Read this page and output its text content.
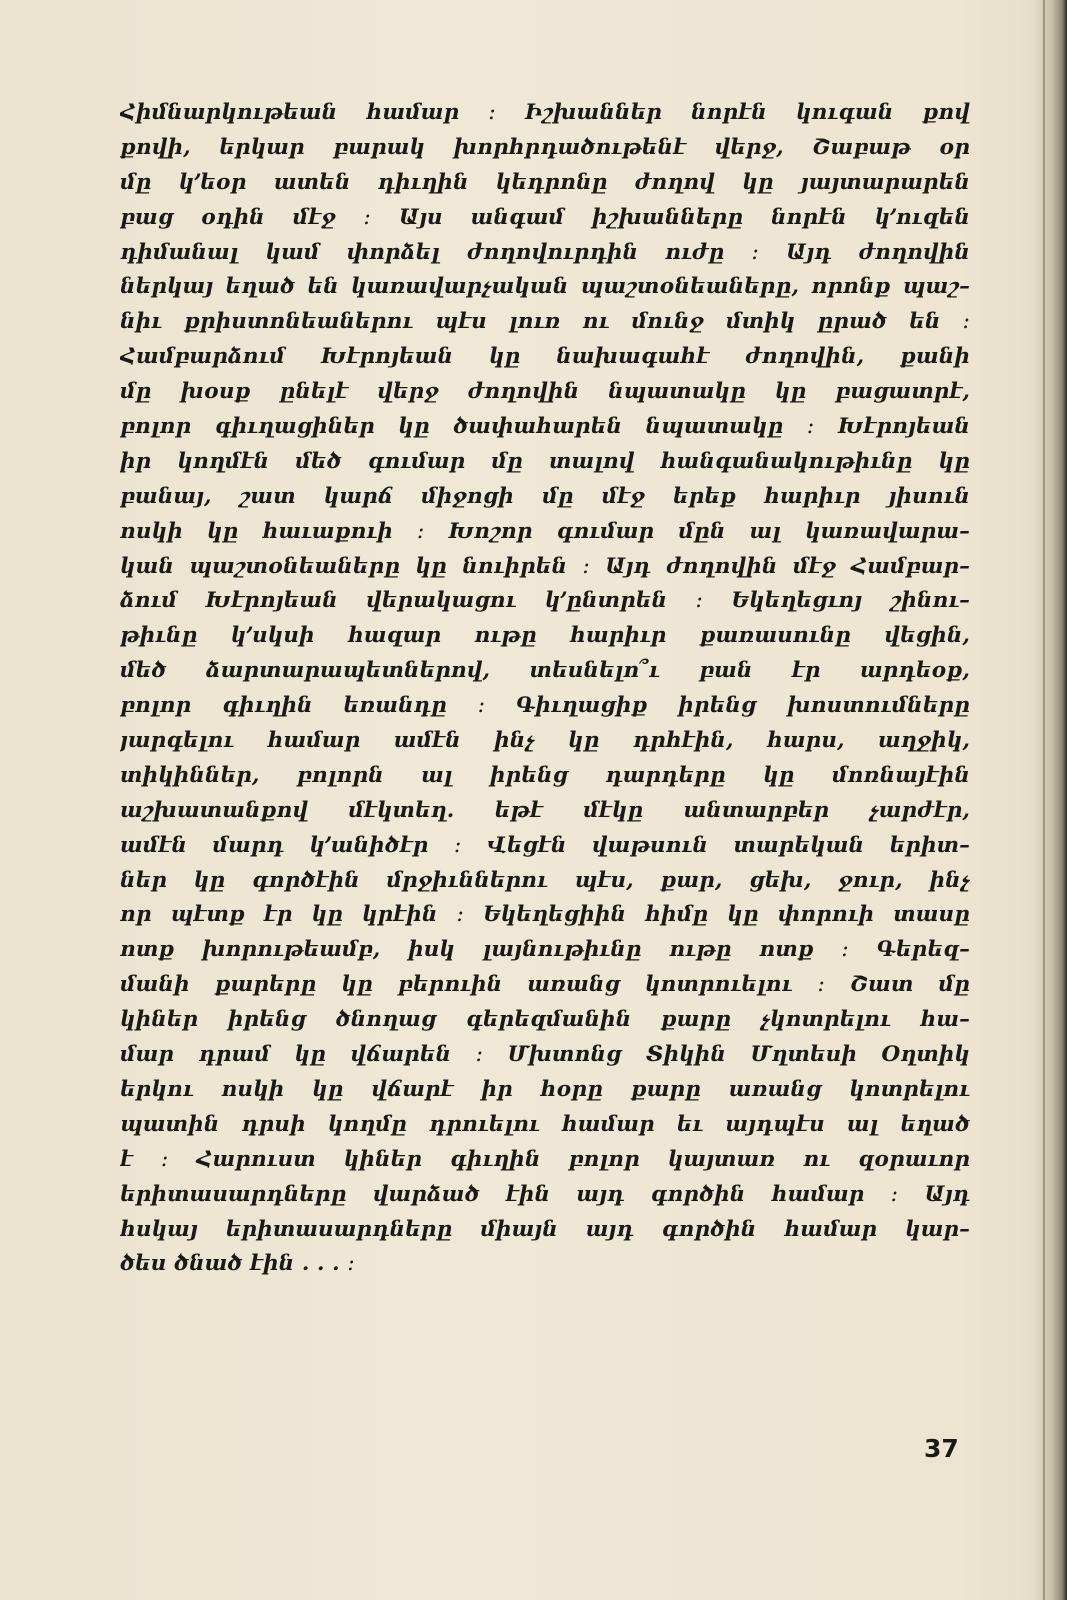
Հիմնարկութեան համար ։ Իշխաններ նորէն կուգան քով
քովի, երկար բարակ խորհրդածութենէ վերջ, Շաբաթ օր
մը կ՚եօր ատեն դիւղին կեդրոնը ժողով կը յայտարարեն
բաց օդին մէջ ։ Այս անգամ իշխանները նորէն կ՚ուզեն
դիմանալ կամ փորձել ժողովուրդին ուժը ։ Այդ ժողովին
ներկայ եղած են կառավարչական պաշտօնեաները, որոնք պաշ–
նիւ քրիստոնեաներու պէս լուռ ու մունջ մտիկ ըրած են ։
Համբարձում Խէրոյեան կը նախագահէ ժողովին, քանի
մը խօսք ընելէ վերջ ժողովին նպատակը կը բացատրէ,
բոլոր գիւղացիներ կը ծափահարեն նպատակը ։ Խէրոյեան
իր կողմէն մեծ գումար մը տալով հանգանակութիւնը կը
բանայ, շատ կարճ միջոցի մը մէջ երեք հարիւր յիսուն
ոսկի կը հաւաքուի ։ Խոշոր գումար մըն ալ կառավարա–
կան պաշտօնեաները կը նուիրեն ։ Այդ ժողովին մէջ Համբար–
ձում Խէրոյեան վերակացու կ՚ընտրեն ։ Եկեղեցւոյ շինու–
թիւնը կ՚սկսի հազար ութը հարիւր քառասունը վեցին,
մեծ ձարտարապետներով, տեսնելո՞ւ բան էր արդեօք,
բոլոր գիւղին եռանդը ։ Գիւղացիք իրենց խոստումները
յարգելու համար ամէն ինչ կը դրհէին, հարս, աղջիկ,
տիկիններ, բոլորն ալ իրենց դարդերը կը մոռնայէին
աշխատանքով մէկտեղ. եթէ մէկը անտարբեր չարժէր,
ամէն մարդ կ՚անիծէր ։ Վեցէն վաթսուն տարեկան երիտ–
ներ կը գործէին մրջիւններու պէս, քար, ցեխ, ջուր, ինչ
որ պէտք էր կը կրէին ։ Եկեղեցիին հիմը կը փորուի տասը
ոտք խորութեամբ, իսկ լայնութիւնը ութը ոտք ։ Գերեզ–
մանի քարերը կը բերուին առանց կոտրուելու ։ Շատ մը
կիներ իրենց ծնողաց գերեզմանին քարը չկոտրելու հա–
մար դրամ կը վճարեն ։ Մխտոնց Տիկին Մղտեսի Օղտիկ
երկու ոսկի կը վճարէ իր հօրը քարը առանց կոտրելու
պատին դրսի կողմը դրուելու համար եւ այդպէս ալ եղած
է ։ Հարուստ կիներ գիւղին բոլոր կայտառ ու զօրաւոր
երիտասարդները վարձած էին այդ գործին համար ։ Այդ
հսկայ երիտասարդները միայն այդ գործին համար կար–
ծես ծնած էին . . . ։
37
